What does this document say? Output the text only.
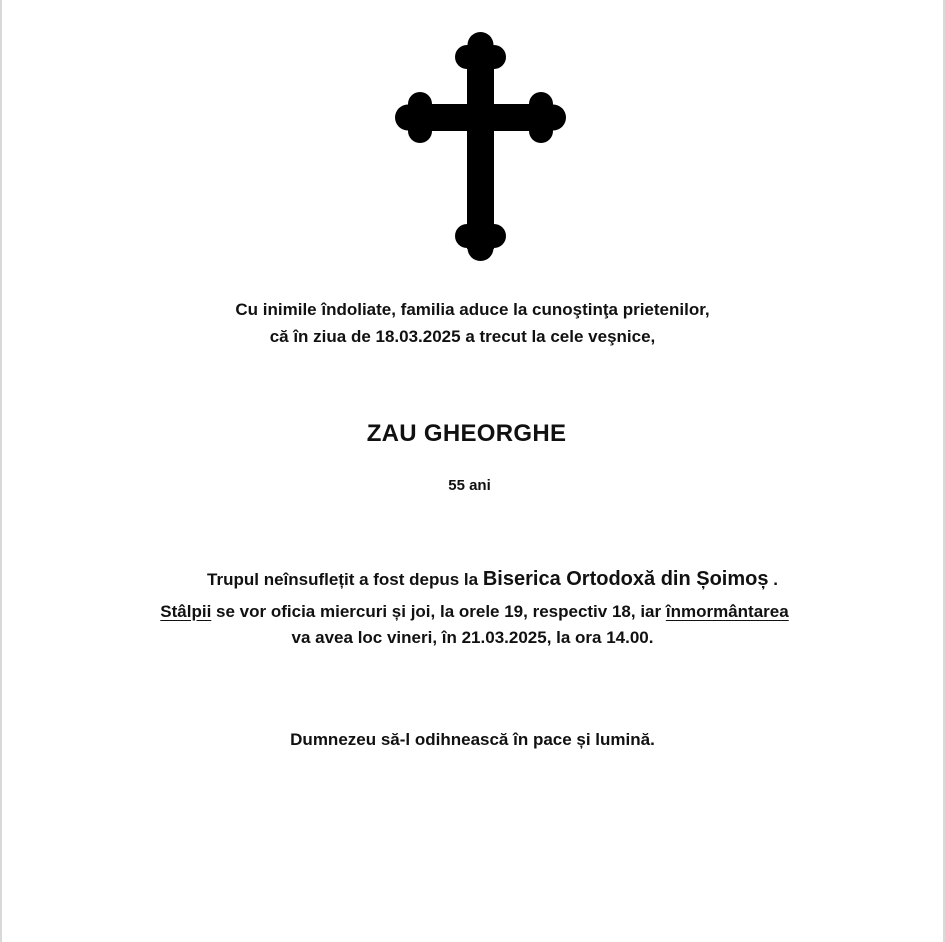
Cu inimile îndoliate, familia aduce la cunoştinţa prietenilor,
că în ziua de 18.03.2025 a trecut la cele veşnice,
ZAU GHEORGHE
55 ani
Trupul neînsuflețit a fost depus la Biserica Ortodoxă din Șoimoș .
Stâlpii se vor oficia miercuri și joi, la orele 19, respectiv 18, iar înmormântarea
va avea loc vineri, în 21.03.2025, la ora 14.00.
Dumnezeu să-l odihnească în pace și lumină.
